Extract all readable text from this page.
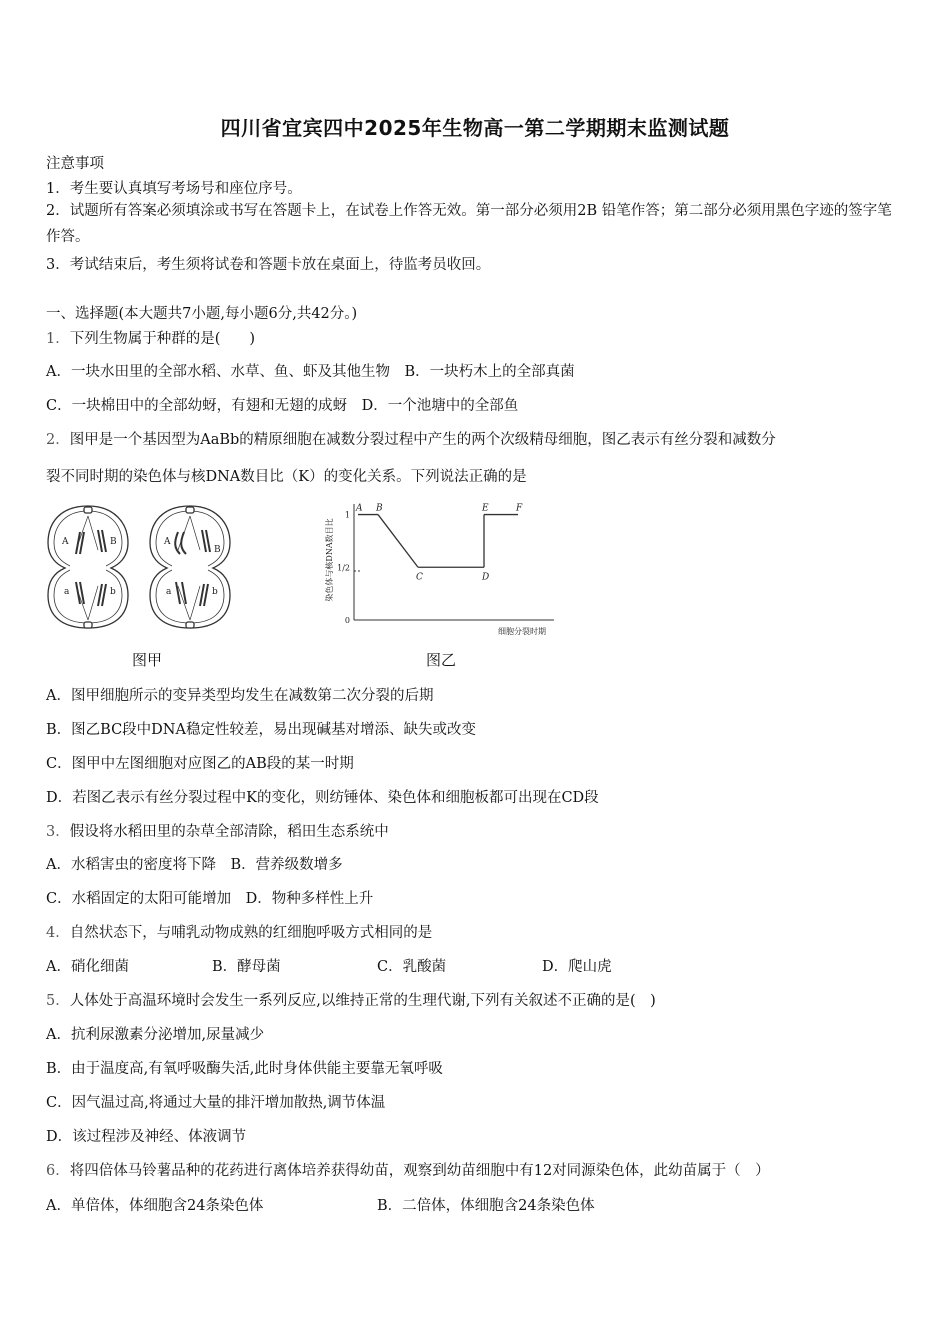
四川省宜宾四中2025年生物高一第二学期期末监测试题
注意事项
1．考生要认真填写考场号和座位序号。
2．试题所有答案必须填涂或书写在答题卡上，在试卷上作答无效。第一部分必须用2B 铅笔作答；第二部分必须用黑色字迹的签字笔作答。
3．考试结束后，考生须将试卷和答题卡放在桌面上，待监考员收回。
一、选择题(本大题共7小题,每小题6分,共42分。)
1．下列生物属于种群的是(　　)
A．一块水田里的全部水稻、水草、鱼、虾及其他生物　B．一块朽木上的全部真菌
C．一块棉田中的全部幼蚜，有翅和无翅的成蚜　D．一个池塘中的全部鱼
2．图甲是一个基因型为AaBb的精原细胞在减数分裂过程中产生的两个次级精母细胞，图乙表示有丝分裂和减数分
裂不同时期的染色体与核DNA数目比（K）的变化关系。下列说法正确的是
A	B
a	b
A
B
a	b
图甲
染色体与核DNA数目比
细胞分裂时期
0
1/2
1
A B
C	D
E	F
图乙
A．图甲细胞所示的变异类型均发生在减数第二次分裂的后期
B．图乙BC段中DNA稳定性较差，易出现碱基对增添、缺失或改变
C．图甲中左图细胞对应图乙的AB段的某一时期
D．若图乙表示有丝分裂过程中K的变化，则纺锤体、染色体和细胞板都可出现在CD段
3．假设将水稻田里的杂草全部清除，稻田生态系统中
A．水稻害虫的密度将下降　B．营养级数增多
C．水稻固定的太阳可能增加　D．物种多样性上升
4．自然状态下，与哺乳动物成熟的红细胞呼吸方式相同的是
A．硝化细菌	B．酵母菌	C．乳酸菌	D．爬山虎
5．人体处于高温环境时会发生一系列反应,以维持正常的生理代谢,下列有关叙述不正确的是(　)
A．抗利尿激素分泌增加,尿量减少
B．由于温度高,有氧呼吸酶失活,此时身体供能主要靠无氧呼吸
C．因气温过高,将通过大量的排汗增加散热,调节体温
D．该过程涉及神经、体液调节
6．将四倍体马铃薯品种的花药进行离体培养获得幼苗，观察到幼苗细胞中有12对同源染色体，此幼苗属于（　）
A．单倍体，体细胞含24条染色体	B．二倍体，体细胞含24条染色体
